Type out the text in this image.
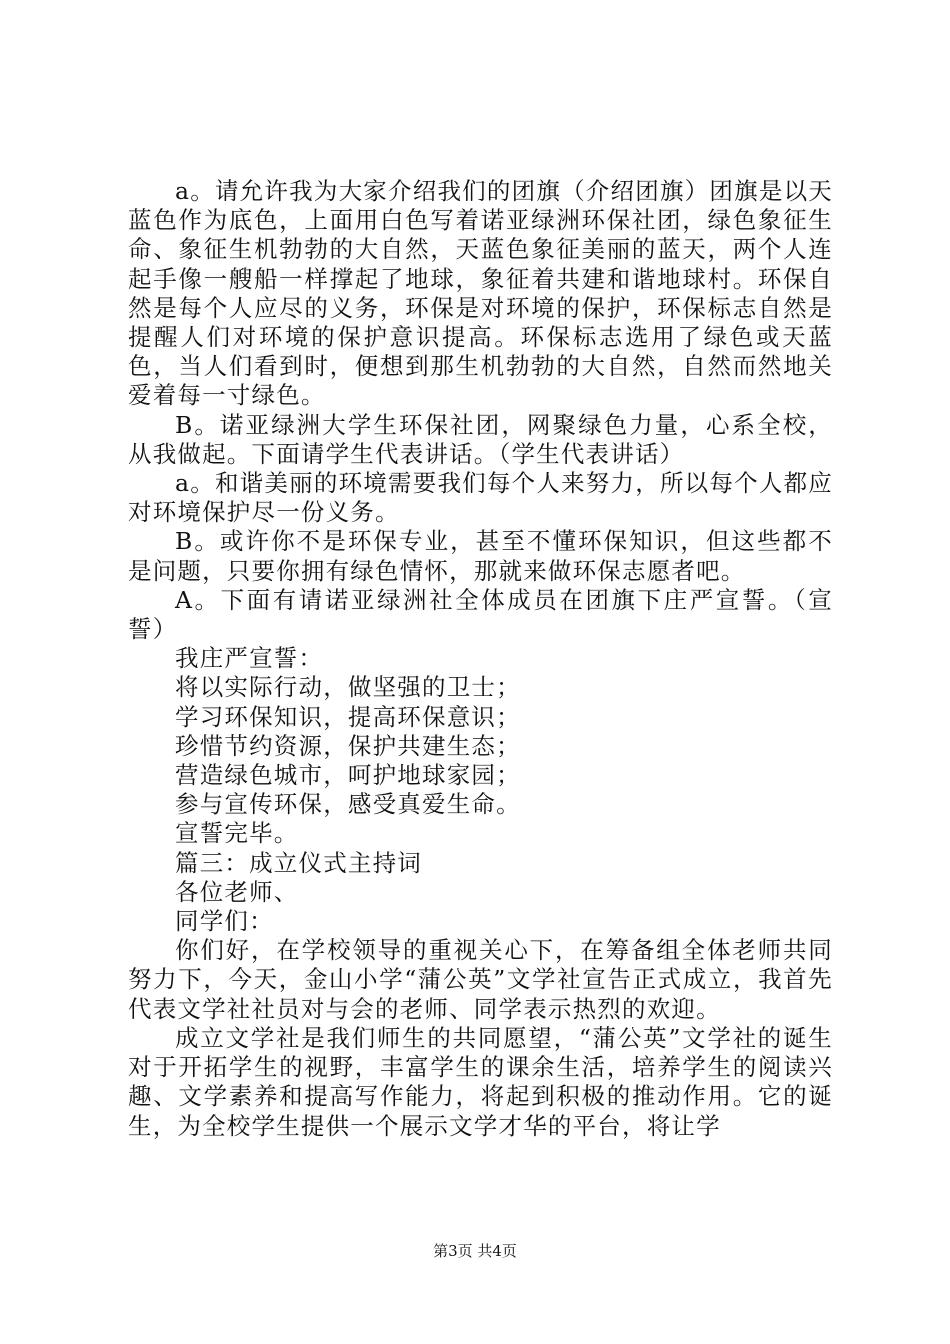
a。请允许我为大家介绍我们的团旗（介绍团旗）团旗是以天蓝色作为底色，上面用白色写着诺亚绿洲环保社团，绿色象征生命、象征生机勃勃的大自然，天蓝色象征美丽的蓝天，两个人连起手像一艘船一样撑起了地球，象征着共建和谐地球村。环保自然是每个人应尽的义务，环保是对环境的保护，环保标志自然是提醒人们对环境的保护意识提高。环保标志选用了绿色或天蓝色，当人们看到时，便想到那生机勃勃的大自然，自然而然地关爱着每一寸绿色。

B。诺亚绿洲大学生环保社团，网聚绿色力量，心系全校，从我做起。下面请学生代表讲话。（学生代表讲话）

a。和谐美丽的环境需要我们每个人来努力，所以每个人都应对环境保护尽一份义务。

B。或许你不是环保专业，甚至不懂环保知识，但这些都不是问题，只要你拥有绿色情怀，那就来做环保志愿者吧。

A。下面有请诺亚绿洲社全体成员在团旗下庄严宣誓。（宣誓）

我庄严宣誓：

将以实际行动，做坚强的卫士；

学习环保知识，提高环保意识；

珍惜节约资源，保护共建生态；

营造绿色城市，呵护地球家园；

参与宣传环保，感受真爱生命。

宣誓完毕。

篇三：成立仪式主持词

各位老师、

同学们：

你们好，在学校领导的重视关心下，在筹备组全体老师共同努力下，今天，金山小学“蒲公英”文学社宣告正式成立，我首先代表文学社社员对与会的老师、同学表示热烈的欢迎。

成立文学社是我们师生的共同愿望，“蒲公英”文学社的诞生对于开拓学生的视野，丰富学生的课余生活，培养学生的阅读兴趣、文学素养和提高写作能力，将起到积极的推动作用。它的诞生，为全校学生提供一个展示文学才华的平台，将让学

第3页 共4页
